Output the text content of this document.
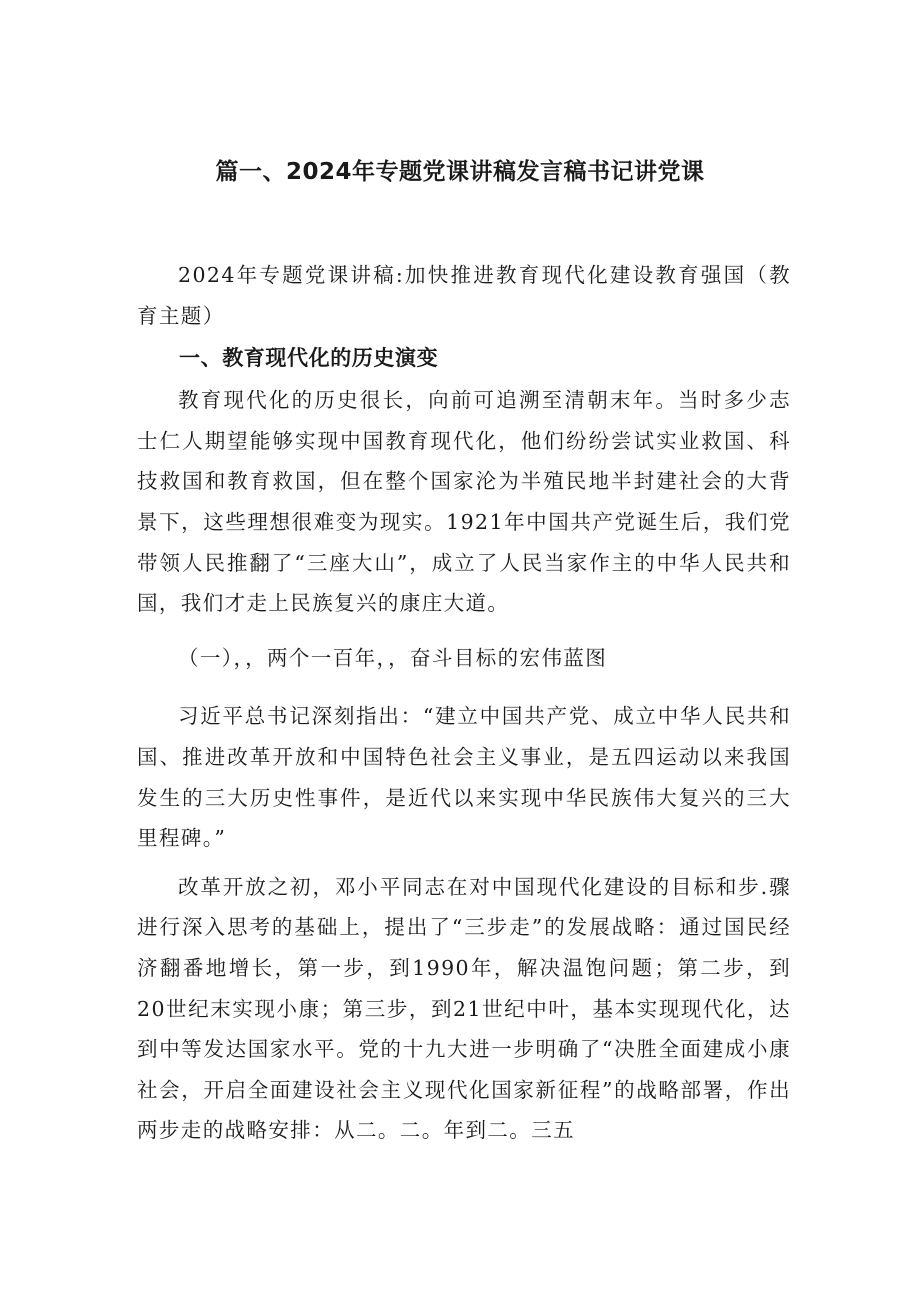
篇一、2024年专题党课讲稿发言稿书记讲党课

2024年专题党课讲稿:加快推进教育现代化建设教育强国（教育主题）

一、教育现代化的历史演变

教育现代化的历史很长，向前可追溯至清朝末年。当时多少志士仁人期望能够实现中国教育现代化，他们纷纷尝试实业救国、科技救国和教育救国，但在整个国家沦为半殖民地半封建社会的大背景下，这些理想很难变为现实。1921年中国共产党诞生后，我们党带领人民推翻了“三座大山”，成立了人民当家作主的中华人民共和国，我们才走上民族复兴的康庄大道。

（一），，两个一百年，，奋斗目标的宏伟蓝图

习近平总书记深刻指出：“建立中国共产党、成立中华人民共和国、推进改革开放和中国特色社会主义事业，是五四运动以来我国发生的三大历史性事件，是近代以来实现中华民族伟大复兴的三大里程碑。”

改革开放之初，邓小平同志在对中国现代化建设的目标和步.骤进行深入思考的基础上，提出了“三步走”的发展战略：通过国民经济翻番地增长，第一步，到1990年，解决温饱问题；第二步，到20世纪末实现小康；第三步，到21世纪中叶，基本实现现代化，达到中等发达国家水平。党的十九大进一步明确了“决胜全面建成小康社会，开启全面建设社会主义现代化国家新征程”的战略部署，作出两步走的战略安排：从二。二。年到二。三五
